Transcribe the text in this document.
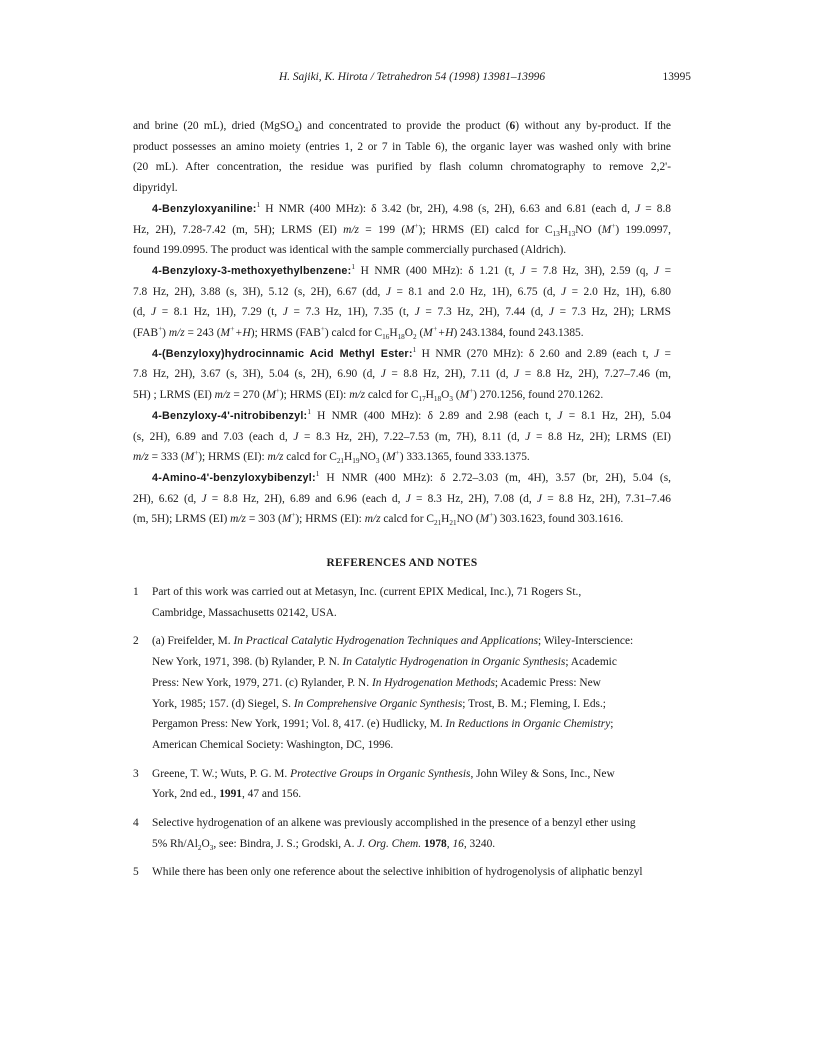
H. Sajiki, K. Hirota / Tetrahedron 54 (1998) 13981–13996	13995
and brine (20 mL), dried (MgSO$_4$) and concentrated to provide the product (6) without any by-product. If the
product possesses an amino moiety (entries 1, 2 or 7 in Table 6), the organic layer was washed only with brine
(20 mL). After concentration, the residue was purified by flash column chromatography to remove 2,2'-
dipyridyl.
4-Benzyloxyaniline:$^1$ H NMR (400 MHz): δ 3.42 (br, 2H), 4.98 (s, 2H), 6.63 and 6.81 (each d, J = 8.8
Hz, 2H), 7.28-7.42 (m, 5H); LRMS (EI) m/z = 199 (M+); HRMS (EI) calcd for $C_{13}H_{13}NO$ (M+) 199.0997,
found 199.0995. The product was identical with the sample commercially purchased (Aldrich).
4-Benzyloxy-3-methoxyethylbenzene:$^1$ H NMR (400 MHz): δ 1.21 (t, J = 7.8 Hz, 3H), 2.59 (q, J =
7.8 Hz, 2H), 3.88 (s, 3H), 5.12 (s, 2H), 6.67 (dd, J = 8.1 and 2.0 Hz, 1H), 6.75 (d, J = 2.0 Hz, 1H), 6.80
(d, J = 8.1 Hz, 1H), 7.29 (t, J = 7.3 Hz, 1H), 7.35 (t, J = 7.3 Hz, 2H), 7.44 (d, J = 7.3 Hz, 2H); LRMS
(FAB+) m/z = 243 (M++H); HRMS (FAB+) calcd for $C_{16}H_{18}O_2$ (M++H) 243.1384, found 243.1385.
4-(Benzyloxy)hydrocinnamic Acid Methyl Ester:$^1$ H NMR (270 MHz): δ 2.60 and 2.89 (each t, J =
7.8 Hz, 2H), 3.67 (s, 3H), 5.04 (s, 2H), 6.90 (d, J = 8.8 Hz, 2H), 7.11 (d, J = 8.8 Hz, 2H), 7.27–7.46 (m,
5H) ; LRMS (EI) m/z = 270 (M+); HRMS (EI): m/z calcd for $C_{17}H_{18}O_3$ (M+) 270.1256, found 270.1262.
4-Benzyloxy-4'-nitrobibenzyl:$^1$ H NMR (400 MHz): δ 2.89 and 2.98 (each t, J = 8.1 Hz, 2H), 5.04
(s, 2H), 6.89 and 7.03 (each d, J = 8.3 Hz, 2H), 7.22–7.53 (m, 7H), 8.11 (d, J = 8.8 Hz, 2H); LRMS (EI)
m/z = 333 (M+); HRMS (EI): m/z calcd for $C_{21}H_{19}NO_3$ (M+) 333.1365, found 333.1375.
4-Amino-4'-benzyloxybibenzyl:$^1$ H NMR (400 MHz): δ 2.72–3.03 (m, 4H), 3.57 (br, 2H), 5.04 (s,
2H), 6.62 (d, J = 8.8 Hz, 2H), 6.89 and 6.96 (each d, J = 8.3 Hz, 2H), 7.08 (d, J = 8.8 Hz, 2H), 7.31–7.46
(m, 5H); LRMS (EI) m/z = 303 (M+); HRMS (EI): m/z calcd for $C_{21}H_{21}NO$ (M+) 303.1623, found 303.1616.
REFERENCES AND NOTES
1 Part of this work was carried out at Metasyn, Inc. (current EPIX Medical, Inc.), 71 Rogers St.,
Cambridge, Massachusetts 02142, USA.
2 (a) Freifelder, M. In Practical Catalytic Hydrogenation Techniques and Applications; Wiley-Interscience:
New York, 1971, 398. (b) Rylander, P. N. In Catalytic Hydrogenation in Organic Synthesis; Academic
Press: New York, 1979, 271. (c) Rylander, P. N. In Hydrogenation Methods; Academic Press: New
York, 1985; 157. (d) Siegel, S. In Comprehensive Organic Synthesis; Trost, B. M.; Fleming, I. Eds.;
Pergamon Press: New York, 1991; Vol. 8, 417. (e) Hudlicky, M. In Reductions in Organic Chemistry;
American Chemical Society: Washington, DC, 1996.
3 Greene, T. W.; Wuts, P. G. M. Protective Groups in Organic Synthesis, John Wiley & Sons, Inc., New
York, 2nd ed., 1991, 47 and 156.
4 Selective hydrogenation of an alkene was previously accomplished in the presence of a benzyl ether using
5% $Rh/Al_2O_3$, see: Bindra, J. S.; Grodski, A. J. Org. Chem. 1978, 16, 3240.
5 While there has been only one reference about the selective inhibition of hydrogenolysis of aliphatic benzyl
